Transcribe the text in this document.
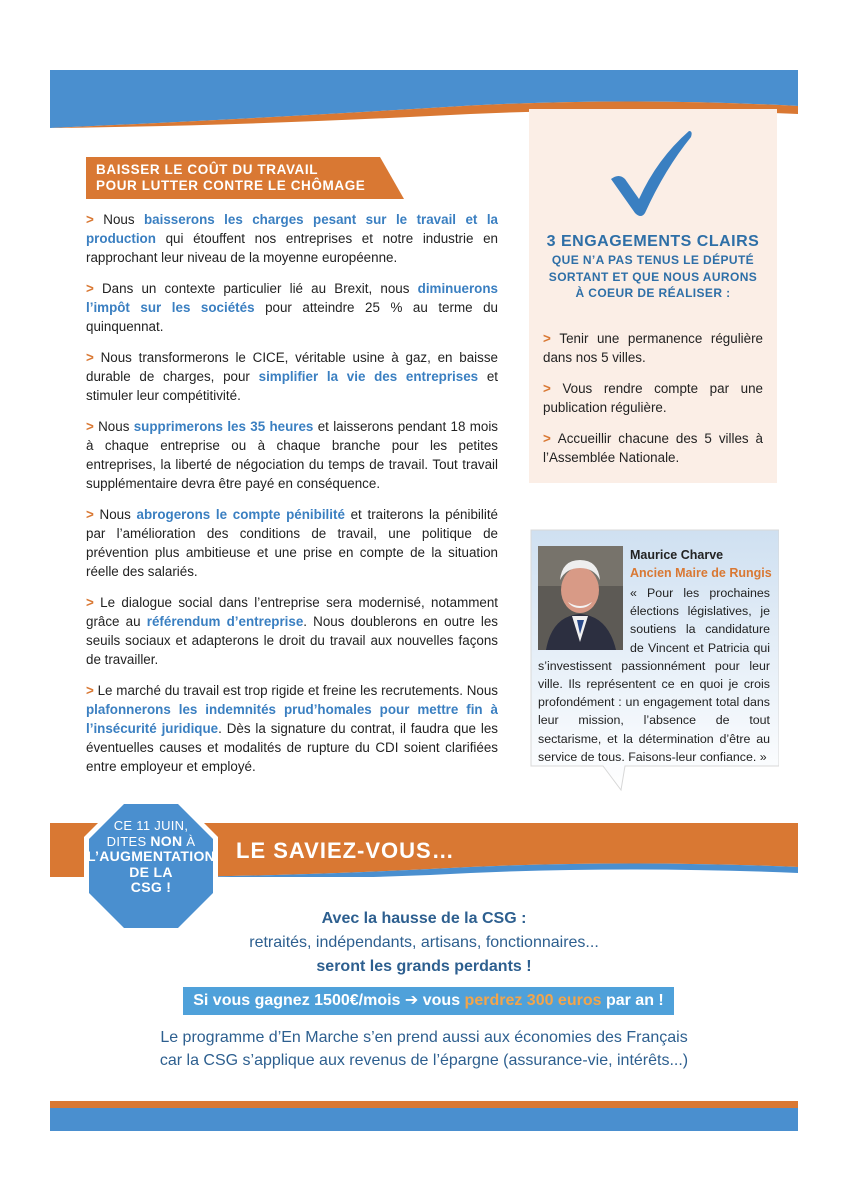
BAISSER LE COÛT DU TRAVAIL
POUR LUTTER CONTRE LE CHÔMAGE
> Nous baisserons les charges pesant sur le travail et la production qui étouffent nos entreprises et notre industrie en rapprochant leur niveau de la moyenne européenne.
> Dans un contexte particulier lié au Brexit, nous diminuerons l’impôt sur les sociétés pour atteindre 25 % au terme du quinquennat.
> Nous transformerons le CICE, véritable usine à gaz, en baisse durable de charges, pour simplifier la vie des entreprises et stimuler leur compétitivité.
> Nous supprimerons les 35 heures et laisserons pendant 18 mois à chaque entreprise ou à chaque branche pour les petites entreprises, la liberté de négociation du temps de travail. Tout travail supplémentaire devra être payé en conséquence.
> Nous abrogerons le compte pénibilité et traiterons la pénibilité par l’amélioration des conditions de travail, une politique de prévention plus ambitieuse et une prise en compte de la situation réelle des salariés.
> Le dialogue social dans l’entreprise sera modernisé, notamment grâce au référendum d’entreprise. Nous doublerons en outre les seuils sociaux et adapterons le droit du travail aux nouvelles façons de travailler.
> Le marché du travail est trop rigide et freine les recrutements. Nous plafonnerons les indemnités prud’homales pour mettre fin à l’insécurité juridique. Dès la signature du contrat, il faudra que les éventuelles causes et modalités de rupture du CDI soient clarifiées entre employeur et employé.
3 ENGAGEMENTS CLAIRS
QUE N’A PAS TENUS LE DÉPUTÉ
SORTANT ET QUE NOUS AURONS
À COEUR DE RÉALISER :
> Tenir une permanence régulière dans nos 5 villes.
> Vous rendre compte par une publication régulière.
> Accueillir chacune des 5 villes à l’Assemblée Nationale.
Maurice Charve
Ancien Maire de Rungis
« Pour les prochaines élections législatives, je soutiens la candidature de Vincent et Patricia qui s’investissent passionnément pour leur ville. Ils représentent ce en quoi je crois profondément : un engagement total dans leur mission, l’absence de tout sectarisme, et la détermination d’être au service de tous. Faisons-leur confiance. »
LE SAVIEZ-VOUS…
CE 11 JUIN,
DITES NON À
L’AUGMENTATION
DE LA
CSG !
Avec la hausse de la CSG :
retraités, indépendants, artisans, fonctionnaires...
seront les grands perdants !
Si vous gagnez 1500€/mois ➔ vous perdrez 300 euros par an !
Le programme d’En Marche s’en prend aussi aux économies des Français
car la CSG s’applique aux revenus de l’épargne (assurance-vie, intérêts...)
